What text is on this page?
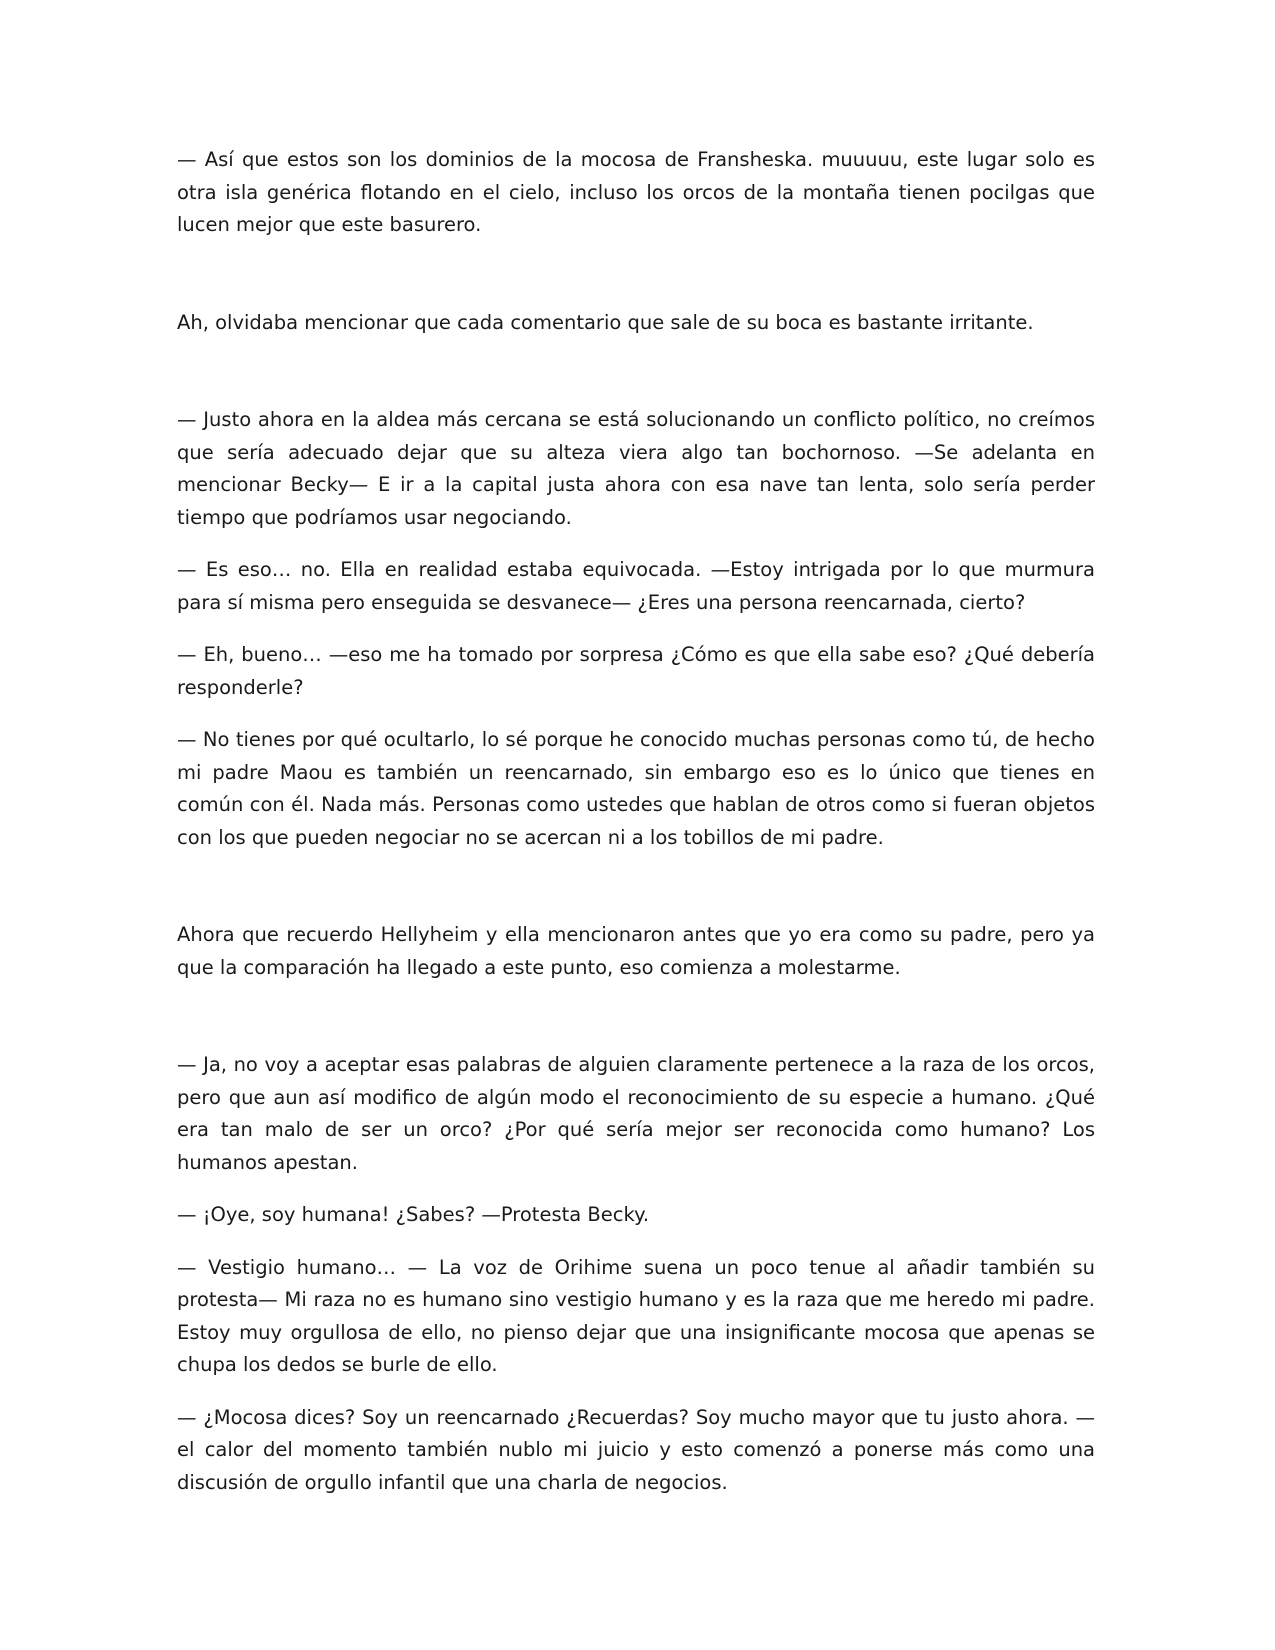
— Así que estos son los dominios de la mocosa de Fransheska. muuuuu, este lugar solo es otra isla genérica flotando en el cielo, incluso los orcos de la montaña tienen pocilgas que lucen mejor que este basurero.

Ah, olvidaba mencionar que cada comentario que sale de su boca es bastante irritante.

— Justo ahora en la aldea más cercana se está solucionando un conflicto político, no creímos que sería adecuado dejar que su alteza viera algo tan bochornoso. —Se adelanta en mencionar Becky— E ir a la capital justa ahora con esa nave tan lenta, solo sería perder tiempo que podríamos usar negociando.

— Es eso… no. Ella en realidad estaba equivocada. —Estoy intrigada por lo que murmura para sí misma pero enseguida se desvanece— ¿Eres una persona reencarnada, cierto?

— Eh, bueno… —eso me ha tomado por sorpresa ¿Cómo es que ella sabe eso? ¿Qué debería responderle?

— No tienes por qué ocultarlo, lo sé porque he conocido muchas personas como tú, de hecho mi padre Maou es también un reencarnado, sin embargo eso es lo único que tienes en común con él. Nada más. Personas como ustedes que hablan de otros como si fueran objetos con los que pueden negociar no se acercan ni a los tobillos de mi padre.

Ahora que recuerdo Hellyheim y ella mencionaron antes que yo era como su padre, pero ya que la comparación ha llegado a este punto, eso comienza a molestarme.

— Ja, no voy a aceptar esas palabras de alguien claramente pertenece a la raza de los orcos, pero que aun así modifico de algún modo el reconocimiento de su especie a humano. ¿Qué era tan malo de ser un orco? ¿Por qué sería mejor ser reconocida como humano? Los humanos apestan.

— ¡Oye, soy humana! ¿Sabes? —Protesta Becky.

— Vestigio humano… — La voz de Orihime suena un poco tenue al añadir también su protesta— Mi raza no es humano sino vestigio humano y es la raza que me heredo mi padre. Estoy muy orgullosa de ello, no pienso dejar que una insignificante mocosa que apenas se chupa los dedos se burle de ello.

— ¿Mocosa dices? Soy un reencarnado ¿Recuerdas? Soy mucho mayor que tu justo ahora. —el calor del momento también nublo mi juicio y esto comenzó a ponerse más como una discusión de orgullo infantil que una charla de negocios.
